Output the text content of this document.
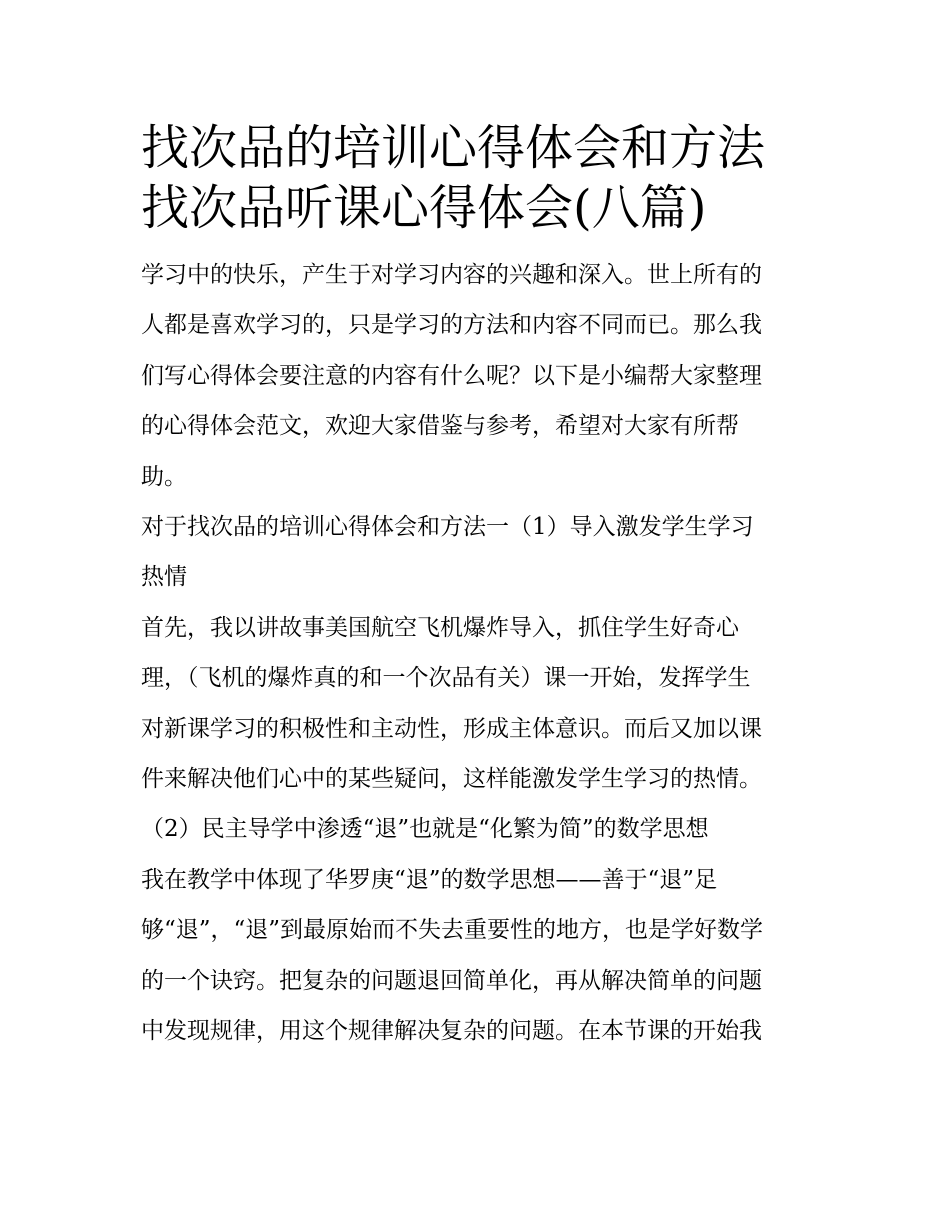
找次品的培训心得体会和方法
找次品听课心得体会(八篇)
学习中的快乐，产生于对学习内容的兴趣和深入。世上所有的
人都是喜欢学习的，只是学习的方法和内容不同而已。那么我
们写心得体会要注意的内容有什么呢？以下是小编帮大家整理
的心得体会范文，欢迎大家借鉴与参考，希望对大家有所帮
助。
对于找次品的培训心得体会和方法一（1）导入激发学生学习
热情
首先，我以讲故事美国航空飞机爆炸导入，抓住学生好奇心
理，（飞机的爆炸真的和一个次品有关）课一开始，发挥学生
对新课学习的积极性和主动性，形成主体意识。而后又加以课
件来解决他们心中的某些疑问，这样能激发学生学习的热情。
（2）民主导学中渗透“退”也就是“化繁为简”的数学思想
我在教学中体现了华罗庚“退”的数学思想——善于“退”足
够“退”，“退”到最原始而不失去重要性的地方，也是学好数学
的一个诀窍。把复杂的问题退回简单化，再从解决简单的问题
中发现规律，用这个规律解决复杂的问题。在本节课的开始我
